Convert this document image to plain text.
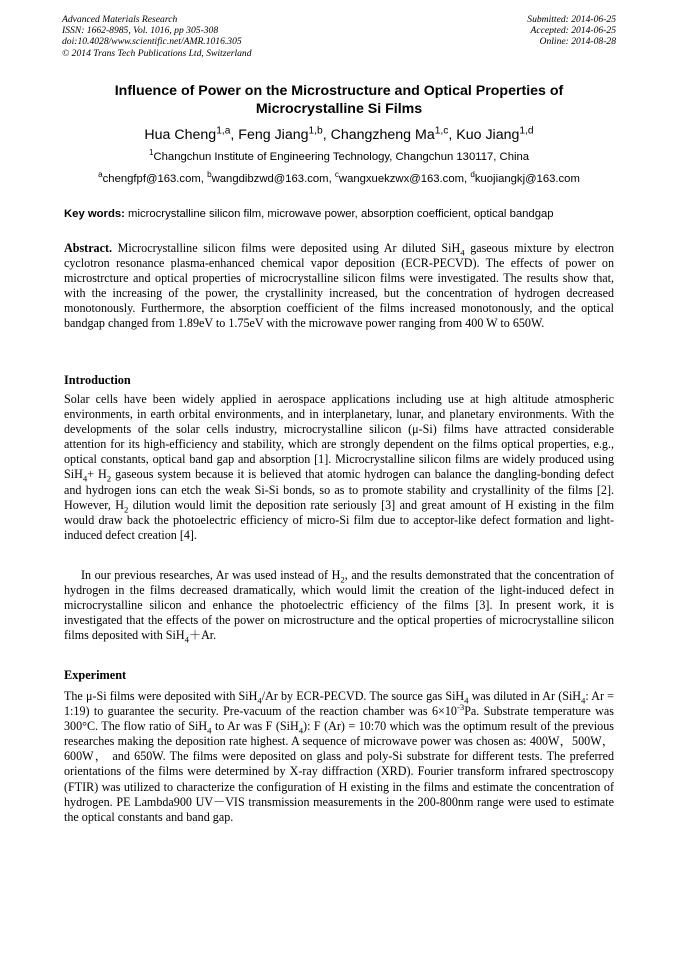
Advanced Materials Research
ISSN: 1662-8985, Vol. 1016, pp 305-308
doi:10.4028/www.scientific.net/AMR.1016.305
© 2014 Trans Tech Publications Ltd, Switzerland
Submitted: 2014-06-25
Accepted: 2014-06-25
Online: 2014-08-28
Influence of Power on the Microstructure and Optical Properties of
Microcrystalline Si Films
Hua Cheng$^{1,a}$, Feng Jiang$^{1,b}$, Changzheng Ma$^{1,c}$, Kuo Jiang$^{1,d}$
$^1$Changchun Institute of Engineering Technology, Changchun 130117, China
$^a$chengfpf@163.com, $^b$wangdibzwd@163.com, $^c$wangxuekzwx@163.com, $^d$kuojiangkj@163.com
Key words: microcrystalline silicon film, microwave power, absorption coefficient, optical bandgap

Abstract. Microcrystalline silicon films were deposited using Ar diluted SiH$_4$ gaseous mixture by electron cyclotron resonance plasma-enhanced chemical vapor deposition (ECR-PECVD). The effects of power on microstrcture and optical properties of microcrystalline silicon films were investigated. The results show that, with the increasing of the power, the crystallinity increased, but the concentration of hydrogen decreased monotonously. Furthermore, the absorption coefficient of the films increased monotonously, and the optical bandgap changed from 1.89eV to 1.75eV with the microwave power ranging from 400 W to 650W.

Introduction

Solar cells have been widely applied in aerospace applications including use at high altitude atmospheric environments, in earth orbital environments, and in interplanetary, lunar, and planetary environments. With the developments of the solar cells industry, microcrystalline silicon (μ-Si) films have attracted considerable attention for its high-efficiency and stability, which are strongly dependent on the films optical properties, e.g., optical constants, optical band gap and absorption [1]. Microcrystalline silicon films are widely produced using $SiH_4+ H_2$ gaseous system because it is believed that atomic hydrogen can balance the dangling-bonding defect and hydrogen ions can etch the weak Si-Si bonds, so as to promote stability and crystallinity of the films [2]. However, $H_2$ dilution would limit the deposition rate seriously [3] and great amount of H existing in the film would draw back the photoelectric efficiency of micro-Si film due to acceptor-like defect formation and light-induced defect creation [4].

In our previous researches, Ar was used instead of $H_2$, and the results demonstrated that the concentration of hydrogen in the films decreased dramatically, which would limit the creation of the light-induced defect in microcrystalline silicon and enhance the photoelectric efficiency of the films [3]. In present work, it is investigated that the effects of the power on microstructure and the optical properties of microcrystalline silicon films deposited with SiH$_4$＋Ar.

Experiment

The μ-Si films were deposited with SiH$_4$/Ar by ECR-PECVD. The source gas SiH$_4$ was diluted in Ar (SiH$_4$: Ar = 1:19) to guarantee the security. Pre-vacuum of the reaction chamber was $6\times 10^{-3}Pa$. Substrate temperature was 300°C. The flow ratio of SiH$_4$ to Ar was F (SiH$_4$): F (Ar) = 10:70 which was the optimum result of the previous researches making the deposition rate highest. A sequence of microwave power was chosen as: 400W，500W，600W， and 650W. The films were deposited on glass and poly-Si substrate for different tests. The preferred orientations of the films were determined by X-ray diffraction (XRD). Fourier transform infrared spectroscopy (FTIR) was utilized to characterize the configuration of H existing in the films and estimate the concentration of hydrogen. PE Lambda900 UV－VIS transmission measurements in the 200-800nm range were used to estimate the optical constants and band gap.
